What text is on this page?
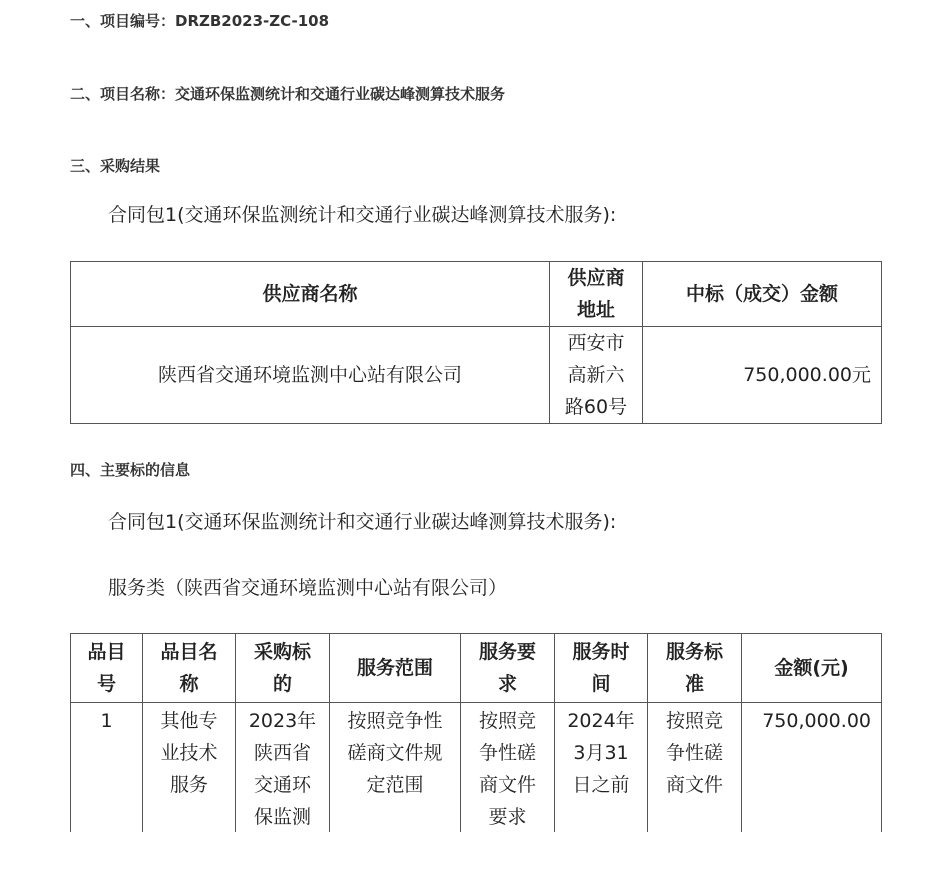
一、项目编号：DRZB2023-ZC-108
二、项目名称：交通环保监测统计和交通行业碳达峰测算技术服务
三、采购结果
合同包1(交通环保监测统计和交通行业碳达峰测算技术服务):
供应商名称	供应商地址	中标（成交）金额
陕西省交通环境监测中心站有限公司	西安市高新六路60号	750,000.00元
四、主要标的信息
合同包1(交通环保监测统计和交通行业碳达峰测算技术服务):
服务类（陕西省交通环境监测中心站有限公司）
品目号	品目名称	采购标的	服务范围	服务要求	服务时间	服务标准	金额(元)
1	其他专业技术服务	2023年陕西省交通环保监测	按照竞争性磋商文件规定范围	按照竞争性磋商文件要求	2024年3月31日之前	按照竞争性磋商文件	750,000.00
